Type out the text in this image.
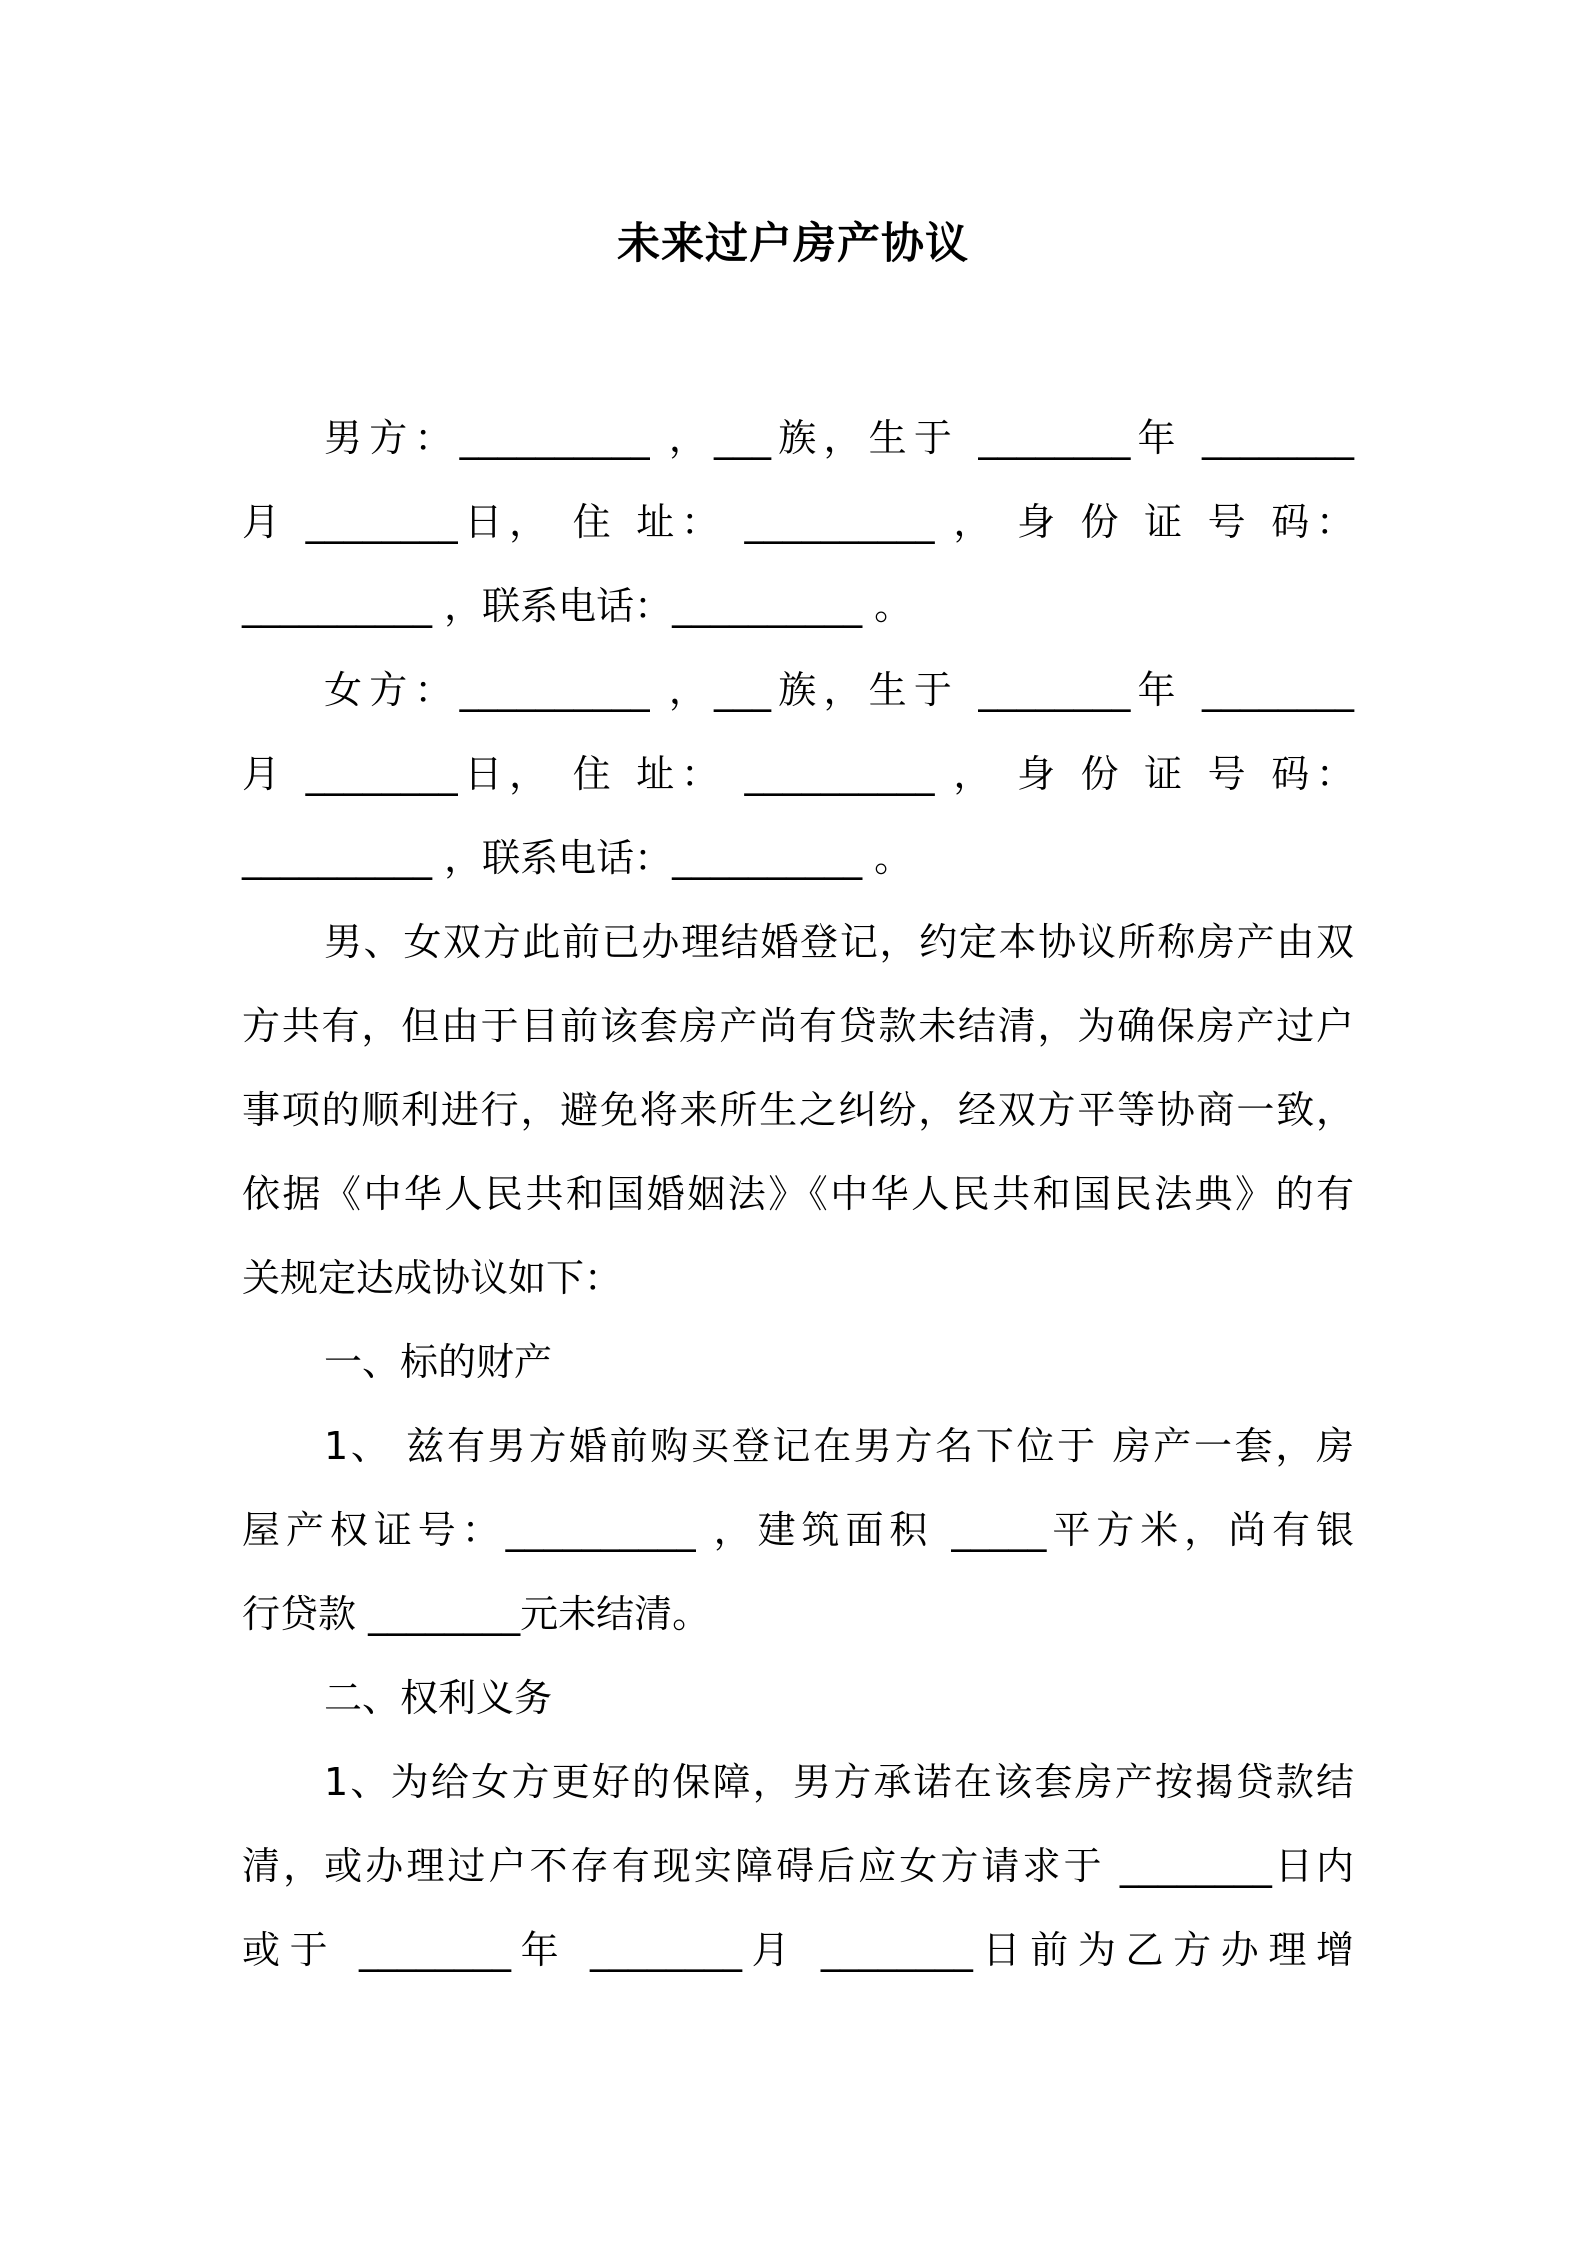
未来过户房产协议
男方：__________ ，___族，生于 ________年 ________
月 ________日， 住 址： __________ ， 身 份 证 号 码：
__________ ，联系电话：__________ 。
女方：__________ ，___族，生于 ________年 ________
月 ________日， 住 址： __________ ， 身 份 证 号 码：
__________ ，联系电话：__________ 。
男、女双方此前已办理结婚登记，约定本协议所称房产由双
方共有，但由于目前该套房产尚有贷款未结清，为确保房产过户
事项的顺利进行，避免将来所生之纠纷，经双方平等协商一致，
依据《中华人民共和国婚姻法》《中华人民共和国民法典》的有
关规定达成协议如下：
一、标的财产
1、 兹有男方婚前购买登记在男方名下位于 房产一套，房
屋产权证号：__________ ，建筑面积 _____平方米，尚有银
行贷款 ________元未结清。
二、权利义务
1、为给女方更好的保障，男方承诺在该套房产按揭贷款结
清，或办理过户不存有现实障碍后应女方请求于 ________日内
或于 ________年 ________月 ________日前为乙方办理增
